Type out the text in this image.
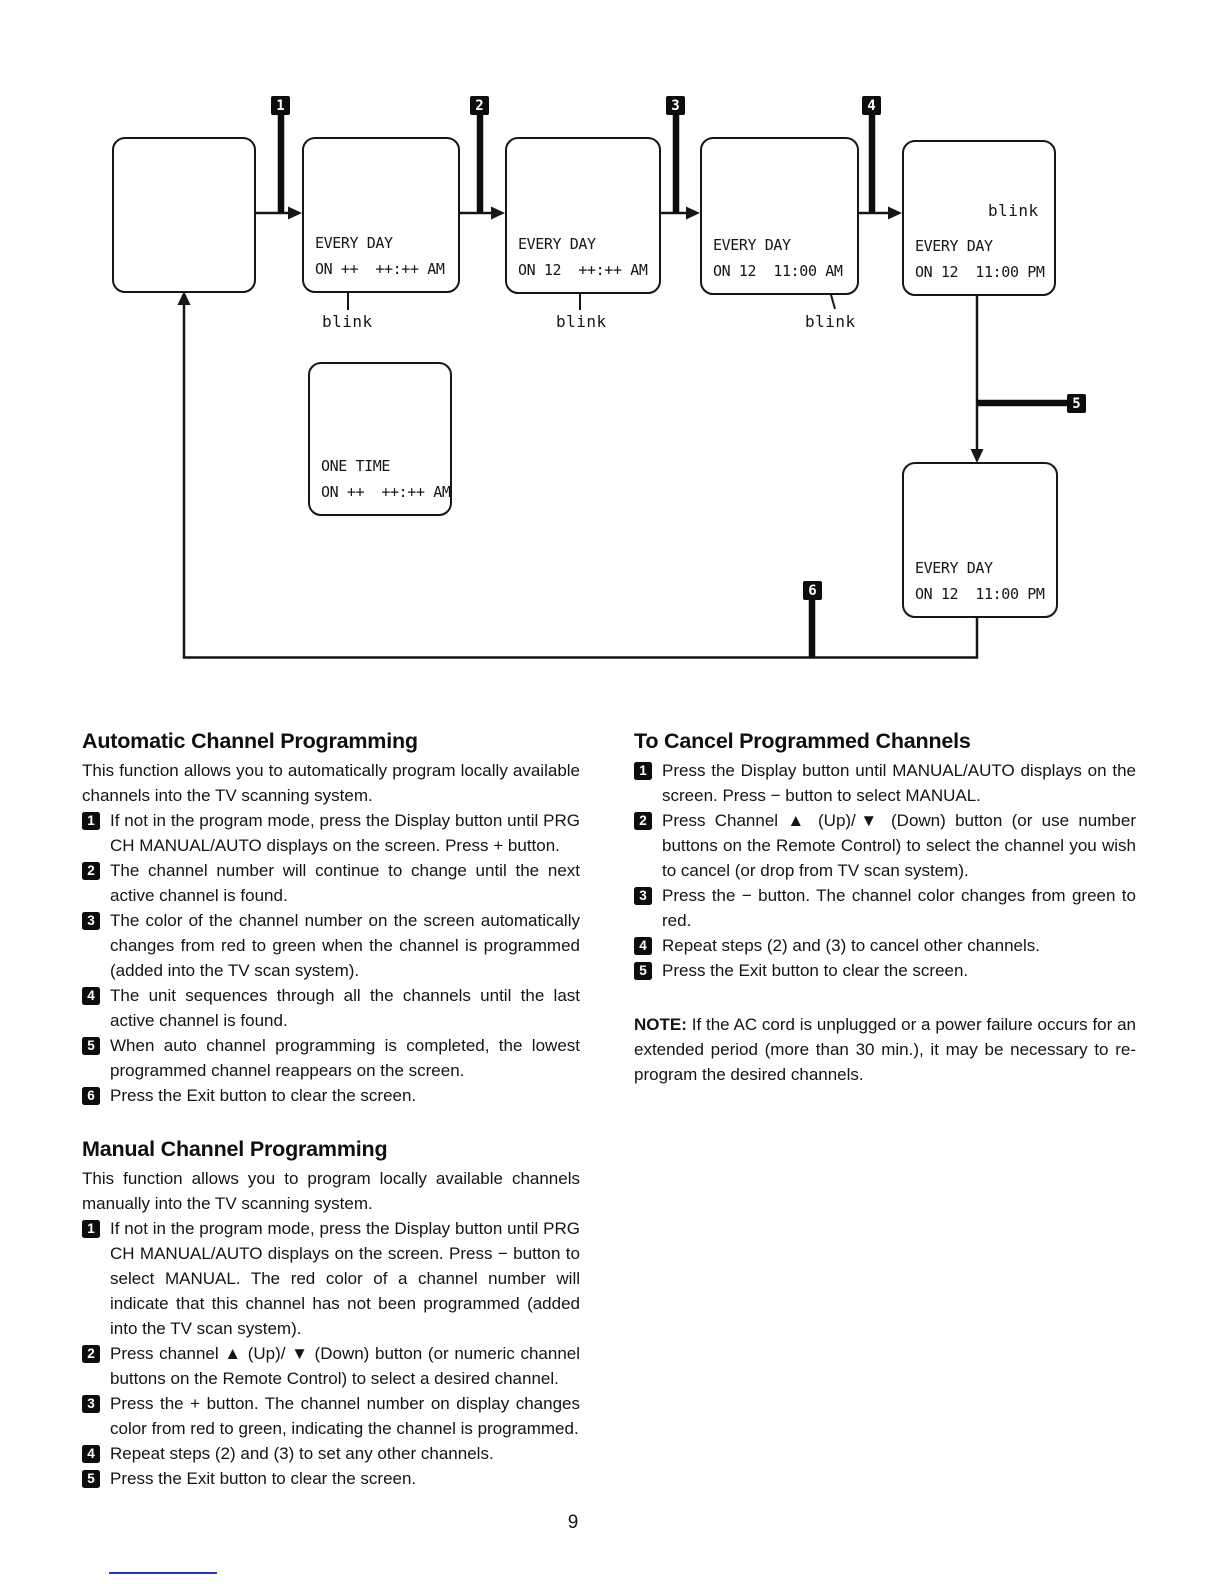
EVERY DAY
ON ++  ++:++ AM
EVERY DAY
ON 12  ++:++ AM
EVERY DAY
ON 12  11:00 AM
EVERY DAY
ON 12  11:00 PM
ONE TIME
ON ++  ++:++ AM
EVERY DAY
ON 12  11:00 PM
blink	blink	blink
blink
1	2	3	4
5
6
Automatic Channel Programming

This function allows you to automatically program locally available channels into the TV scanning system.

1 If not in the program mode, press the Display button until PRG CH MANUAL/AUTO displays on the screen. Press + button.
2 The channel number will continue to change until the next active channel is found.
3 The color of the channel number on the screen automatically changes from red to green when the channel is programmed (added into the TV scan system).
4 The unit sequences through all the channels until the last active channel is found.
5 When auto channel programming is completed, the lowest programmed channel reappears on the screen.
6 Press the Exit button to clear the screen.
Manual Channel Programming

This function allows you to program locally available channels manually into the TV scanning system.

1 If not in the program mode, press the Display button until PRG CH MANUAL/AUTO displays on the screen. Press − button to select MANUAL. The red color of a channel number will indicate that this channel has not been programmed (added into the TV scan system).
2 Press channel ▲ (Up)/ ▼ (Down) button (or numeric channel buttons on the Remote Control) to select a desired channel.
3 Press the + button. The channel number on display changes color from red to green, indicating the channel is programmed.
4 Repeat steps (2) and (3) to set any other channels.
5 Press the Exit button to clear the screen.
To Cancel Programmed Channels
1 Press the Display button until MANUAL/AUTO displays on the screen. Press − button to select MANUAL.
2 Press Channel ▲ (Up)/▼ (Down) button (or use number buttons on the Remote Control) to select the channel you wish to cancel (or drop from TV scan system).
3 Press the − button. The channel color changes from green to red.
4 Repeat steps (2) and (3) to cancel other channels.
5 Press the Exit button to clear the screen.

NOTE: If the AC cord is unplugged or a power failure occurs for an extended period (more than 30 min.), it may be necessary to re-program the desired channels.

9
